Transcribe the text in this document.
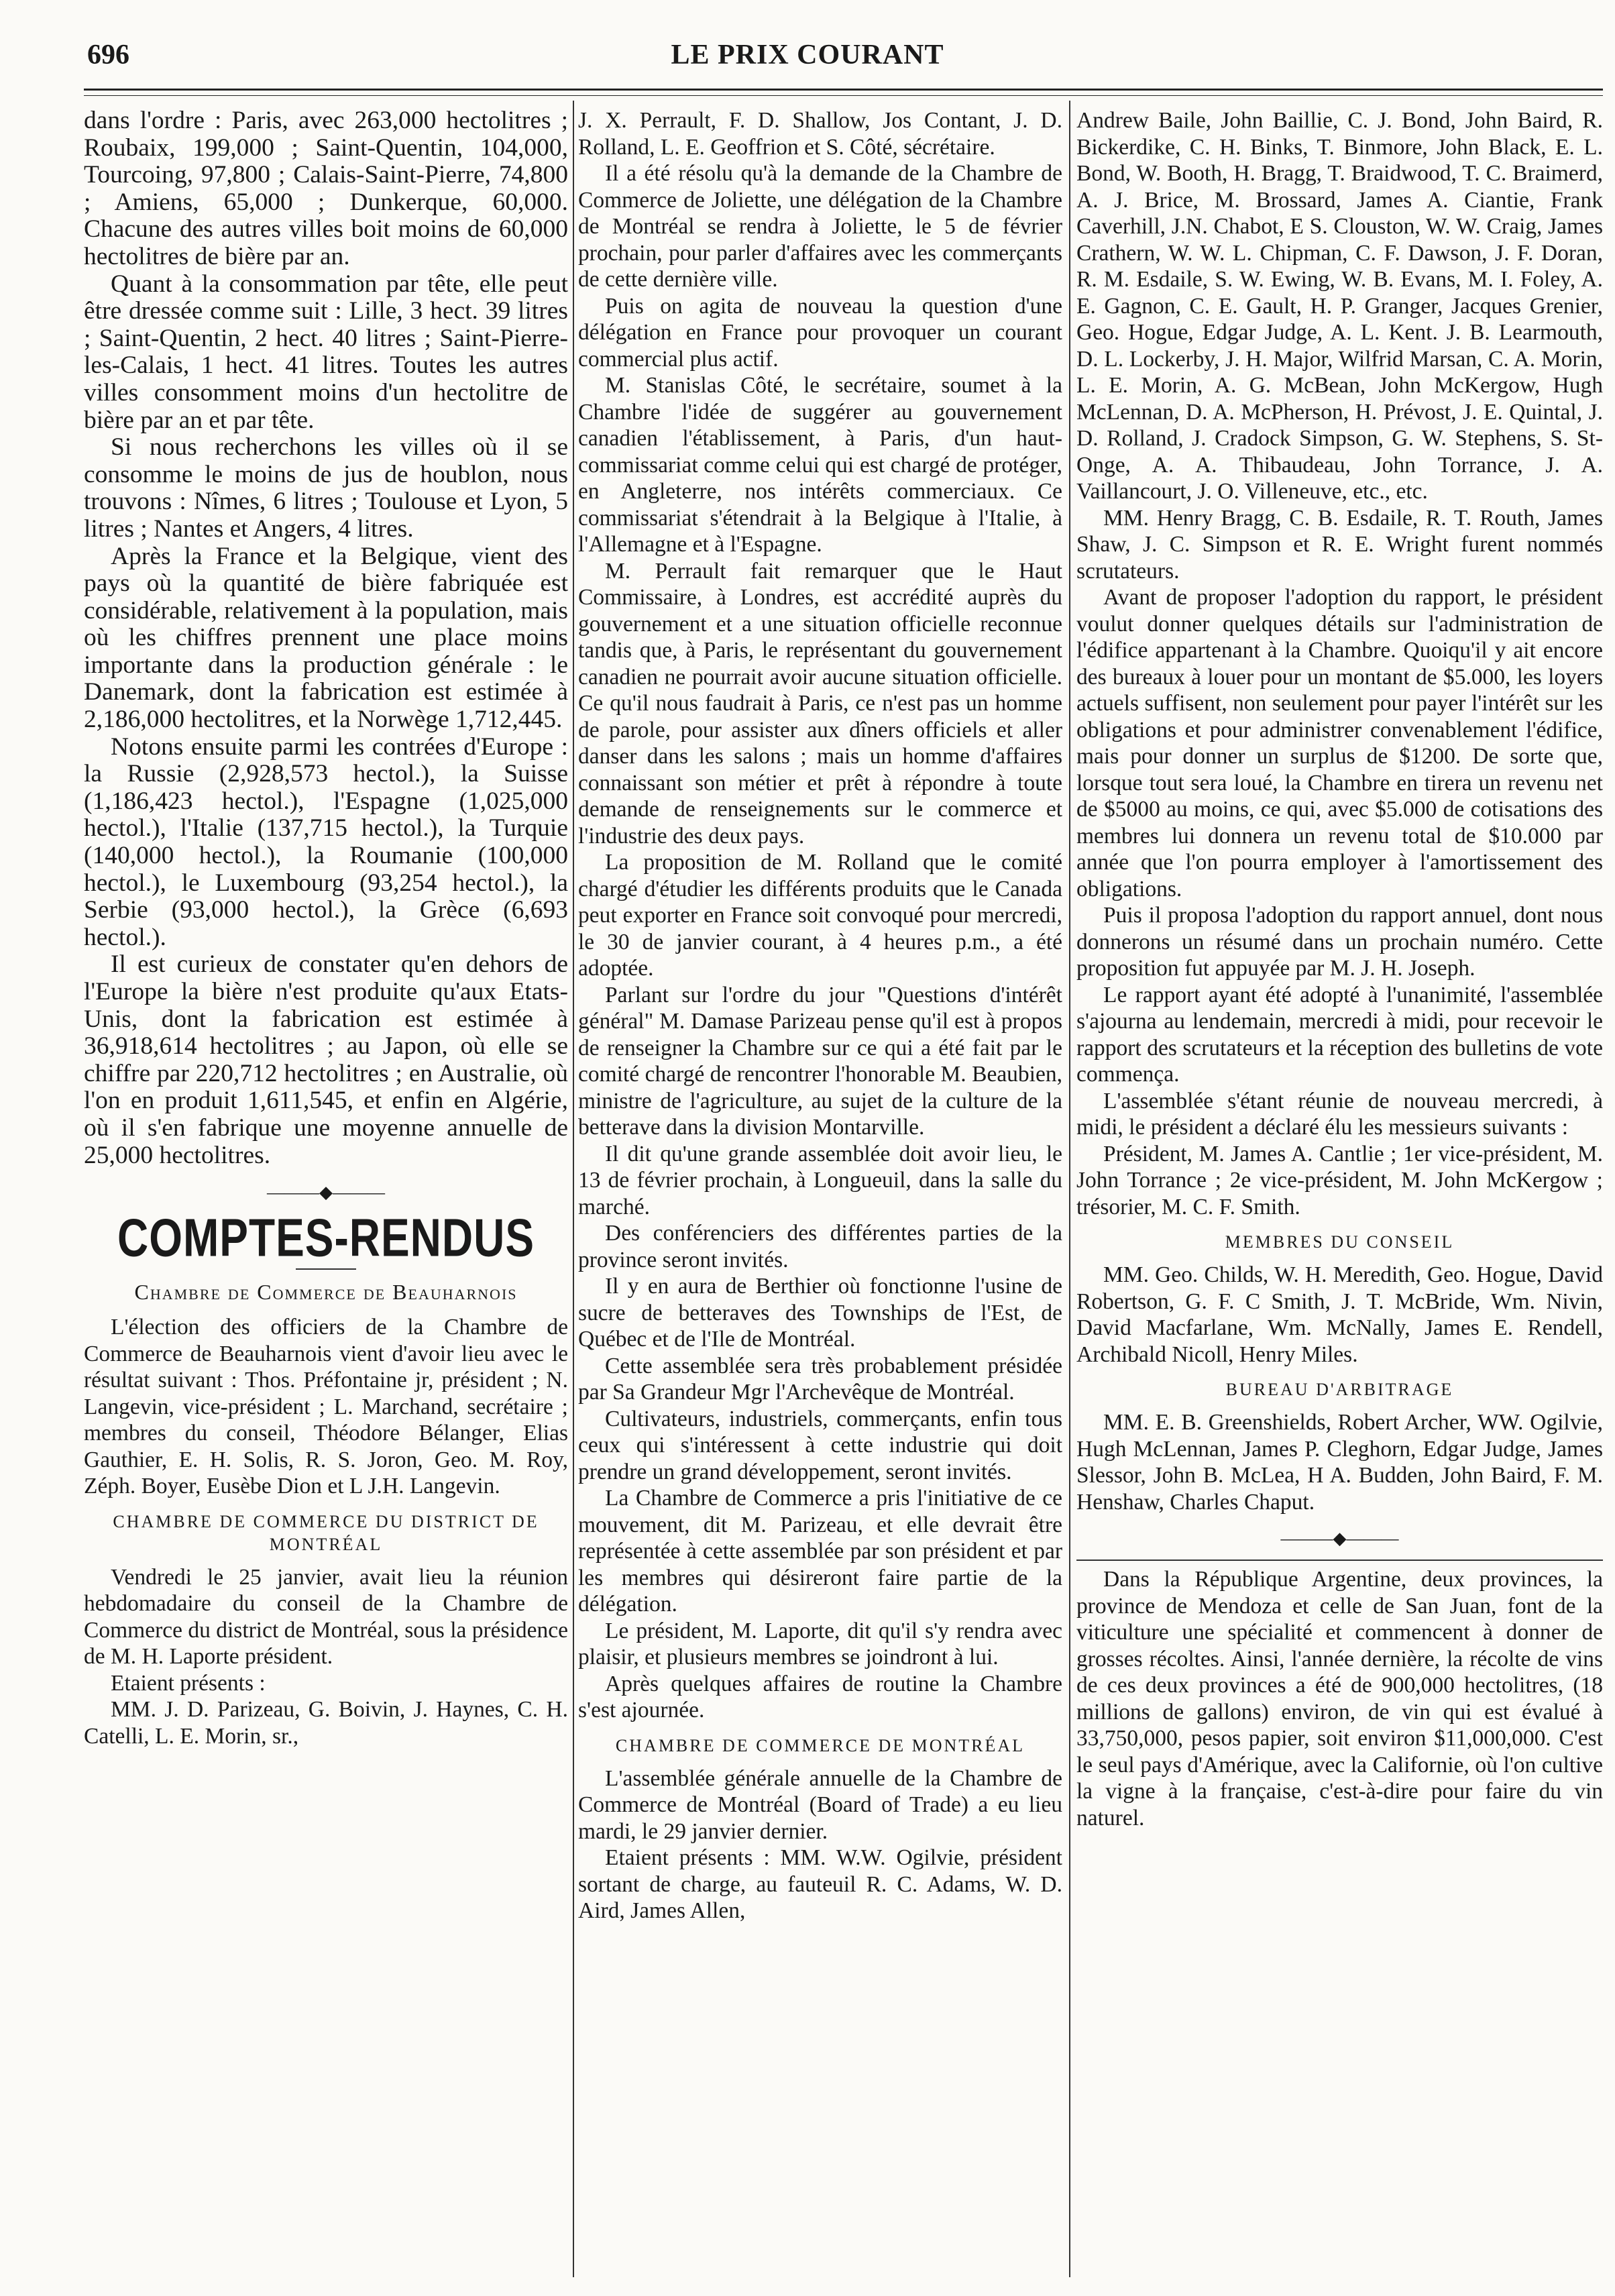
696	LE PRIX COURANT

dans l'ordre : Paris, avec 263,000 hectolitres ; Roubaix, 199,000 ; Saint-Quentin, 104,000, Tourcoing, 97,800 ; Calais-Saint-Pierre, 74,800 ; Amiens, 65,000 ; Dunkerque, 60,000. Chacune des autres villes boit moins de 60,000 hectolitres de bière par an.

Quant à la consommation par tête, elle peut être dressée comme suit : Lille, 3 hect. 39 litres ; Saint-Quentin, 2 hect. 40 litres ; Saint-Pierre-les-Calais, 1 hect. 41 litres. Toutes les autres villes consomment moins d'un hectolitre de bière par an et par tête.

Si nous recherchons les villes où il se consomme le moins de jus de houblon, nous trouvons : Nîmes, 6 litres ; Toulouse et Lyon, 5 litres ; Nantes et Angers, 4 litres.

Après la France et la Belgique, vient des pays où la quantité de bière fabriquée est considérable, relativement à la population, mais où les chiffres prennent une place moins importante dans la production générale : le Danemark, dont la fabrication est estimée à 2,186,000 hectolitres, et la Norwège 1,712,445.

Notons ensuite parmi les contrées d'Europe : la Russie (2,928,573 hectol.), la Suisse (1,186,423 hectol.), l'Espagne (1,025,000 hectol.), l'Italie (137,715 hectol.), la Turquie (140,000 hectol.), la Roumanie (100,000 hectol.), le Luxembourg (93,254 hectol.), la Serbie (93,000 hectol.), la Grèce (6,693 hectol.).

Il est curieux de constater qu'en dehors de l'Europe la bière n'est produite qu'aux Etats-Unis, dont la fabrication est estimée à 36,918,614 hectolitres ; au Japon, où elle se chiffre par 220,712 hectolitres ; en Australie, où l'on en produit 1,611,545, et enfin en Algérie, où il s'en fabrique une moyenne annuelle de 25,000 hectolitres.

———◆———
COMPTES-RENDUS
Chambre de Commerce de Beauharnois

L'élection des officiers de la Chambre de Commerce de Beauharnois vient d'avoir lieu avec le résultat suivant : Thos. Préfontaine jr, président ; N. Langevin, vice-président ; L. Marchand, secrétaire ; membres du conseil, Théodore Bélanger, Elias Gauthier, E. H. Solis, R. S. Joron, Geo. M. Roy, Zéph. Boyer, Eusèbe Dion et L J.H. Langevin.

CHAMBRE DE COMMERCE DU DISTRICT DE MONTRÉAL

Vendredi le 25 janvier, avait lieu la réunion hebdomadaire du conseil de la Chambre de Commerce du district de Montréal, sous la présidence de M. H. Laporte président.

Etaient présents :

MM. J. D. Parizeau, G. Boivin, J. Haynes, C. H. Catelli, L. E. Morin, sr.,

J. X. Perrault, F. D. Shallow, Jos Contant, J. D. Rolland, L. E. Geoffrion et S. Côté, sécrétaire.

Il a été résolu qu'à la demande de la Chambre de Commerce de Joliette, une délégation de la Chambre de Montréal se rendra à Joliette, le 5 de février prochain, pour parler d'affaires avec les commerçants de cette dernière ville.

Puis on agita de nouveau la question d'une délégation en France pour provoquer un courant commercial plus actif.

M. Stanislas Côté, le secrétaire, soumet à la Chambre l'idée de suggérer au gouvernement canadien l'établissement, à Paris, d'un haut-commissariat comme celui qui est chargé de protéger, en Angleterre, nos intérêts commerciaux. Ce commissariat s'étendrait à la Belgique à l'Italie, à l'Allemagne et à l'Espagne.

M. Perrault fait remarquer que le Haut Commissaire, à Londres, est accrédité auprès du gouvernement et a une situation officielle reconnue tandis que, à Paris, le représentant du gouvernement canadien ne pourrait avoir aucune situation officielle. Ce qu'il nous faudrait à Paris, ce n'est pas un homme de parole, pour assister aux dîners officiels et aller danser dans les salons ; mais un homme d'affaires connaissant son métier et prêt à répondre à toute demande de renseignements sur le commerce et l'industrie des deux pays.

La proposition de M. Rolland que le comité chargé d'étudier les différents produits que le Canada peut exporter en France soit convoqué pour mercredi, le 30 de janvier courant, à 4 heures p.m., a été adoptée.

Parlant sur l'ordre du jour "Questions d'intérêt général" M. Damase Parizeau pense qu'il est à propos de renseigner la Chambre sur ce qui a été fait par le comité chargé de rencontrer l'honorable M. Beaubien, ministre de l'agriculture, au sujet de la culture de la betterave dans la division Montarville.

Il dit qu'une grande assemblée doit avoir lieu, le 13 de février prochain, à Longueuil, dans la salle du marché.

Des conférenciers des différentes parties de la province seront invités.

Il y en aura de Berthier où fonctionne l'usine de sucre de betteraves des Townships de l'Est, de Québec et de l'Ile de Montréal.

Cette assemblée sera très probablement présidée par Sa Grandeur Mgr l'Archevêque de Montréal.

Cultivateurs, industriels, commerçants, enfin tous ceux qui s'intéressent à cette industrie qui doit prendre un grand développement, seront invités.

La Chambre de Commerce a pris l'initiative de ce mouvement, dit M. Parizeau, et elle devrait être représentée à cette assemblée par son président et par les membres qui désireront faire partie de la délégation.

Le président, M. Laporte, dit qu'il s'y rendra avec plaisir, et plusieurs membres se joindront à lui.

Après quelques affaires de routine la Chambre s'est ajournée.

CHAMBRE DE COMMERCE DE MONTRÉAL

L'assemblée générale annuelle de la Chambre de Commerce de Montréal (Board of Trade) a eu lieu mardi, le 29 janvier dernier.

Etaient présents : MM. W.W. Ogilvie, président sortant de charge, au fauteuil R. C. Adams, W. D. Aird, James Allen,

Andrew Baile, John Baillie, C. J. Bond, John Baird, R. Bickerdike, C. H. Binks, T. Binmore, John Black, E. L. Bond, W. Booth, H. Bragg, T. Braidwood, T. C. Braimerd, A. J. Brice, M. Brossard, James A. Ciantie, Frank Caverhill, J.N. Chabot, E S. Clouston, W. W. Craig, James Crathern, W. W. L. Chipman, C. F. Dawson, J. F. Doran, R. M. Esdaile, S. W. Ewing, W. B. Evans, M. I. Foley, A. E. Gagnon, C. E. Gault, H. P. Granger, Jacques Grenier, Geo. Hogue, Edgar Judge, A. L. Kent. J. B. Learmouth, D. L. Lockerby, J. H. Major, Wilfrid Marsan, C. A. Morin, L. E. Morin, A. G. McBean, John McKergow, Hugh McLennan, D. A. McPherson, H. Prévost, J. E. Quintal, J. D. Rolland, J. Cradock Simpson, G. W. Stephens, S. St-Onge, A. A. Thibaudeau, John Torrance, J. A. Vaillancourt, J. O. Villeneuve, etc., etc.

MM. Henry Bragg, C. B. Esdaile, R. T. Routh, James Shaw, J. C. Simpson et R. E. Wright furent nommés scrutateurs.

Avant de proposer l'adoption du rapport, le président voulut donner quelques détails sur l'administration de l'édifice appartenant à la Chambre. Quoiqu'il y ait encore des bureaux à louer pour un montant de $5.000, les loyers actuels suffisent, non seulement pour payer l'intérêt sur les obligations et pour administrer convenablement l'édifice, mais pour donner un surplus de $1200. De sorte que, lorsque tout sera loué, la Chambre en tirera un revenu net de $5000 au moins, ce qui, avec $5.000 de cotisations des membres lui donnera un revenu total de $10.000 par année que l'on pourra employer à l'amortissement des obligations.

Puis il proposa l'adoption du rapport annuel, dont nous donnerons un résumé dans un prochain numéro. Cette proposition fut appuyée par M. J. H. Joseph.

Le rapport ayant été adopté à l'unanimité, l'assemblée s'ajourna au lendemain, mercredi à midi, pour recevoir le rapport des scrutateurs et la réception des bulletins de vote commença.

L'assemblée s'étant réunie de nouveau mercredi, à midi, le président a déclaré élu les messieurs suivants :

Président, M. James A. Cantlie ; 1er vice-président, M. John Torrance ; 2e vice-président, M. John McKergow ; trésorier, M. C. F. Smith.

MEMBRES DU CONSEIL

MM. Geo. Childs, W. H. Meredith, Geo. Hogue, David Robertson, G. F. C Smith, J. T. McBride, Wm. Nivin, David Macfarlane, Wm. McNally, James E. Rendell, Archibald Nicoll, Henry Miles.

BUREAU D'ARBITRAGE

MM. E. B. Greenshields, Robert Archer, WW. Ogilvie, Hugh McLennan, James P. Cleghorn, Edgar Judge, James Slessor, John B. McLea, H A. Budden, John Baird, F. M. Henshaw, Charles Chaput.

———◆———

Dans la République Argentine, deux provinces, la province de Mendoza et celle de San Juan, font de la viticulture une spécialité et commencent à donner de grosses récoltes. Ainsi, l'année dernière, la récolte de vins de ces deux provinces a été de 900,000 hectolitres, (18 millions de gallons) environ, de vin qui est évalué à 33,750,000, pesos papier, soit environ $11,000,000. C'est le seul pays d'Amérique, avec la Californie, où l'on cultive la vigne à la française, c'est-à-dire pour faire du vin naturel.
